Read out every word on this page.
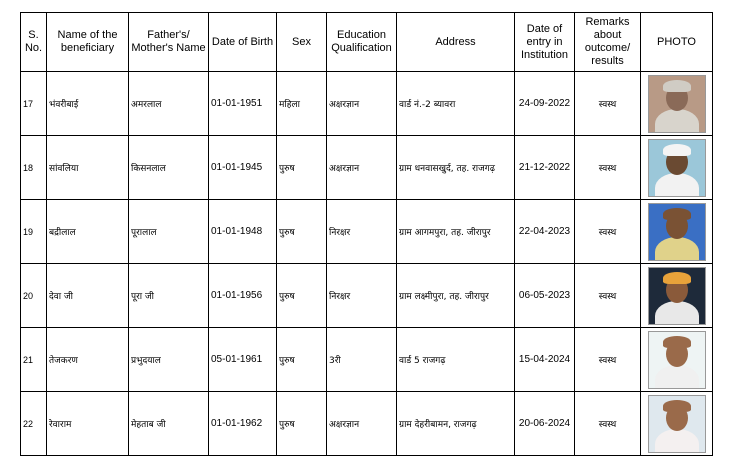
S. No.	Name of the beneficiary	Father's/ Mother's Name	Date of Birth	Sex	Education Qualification	Address	Date of entry in Institution	Remarks about outcome/ results	PHOTO
17	भंवरीबाई	अमरलाल	01-01-1951	महिला	अक्षरज्ञान	वार्ड नं.-2 ब्यावरा	24-09-2022	स्वस्थ	

18	सांवलिया	किसनलाल	01-01-1945	पुरुष	अक्षरज्ञान	ग्राम धनवासखुर्द, तह. राजगढ़	21-12-2022	स्वस्थ	

19	बद्रीलाल	पूरालाल	01-01-1948	पुरुष	निरक्षर	ग्राम आगमपुरा, तह. जीरापुर	22-04-2023	स्वस्थ	

20	देवा जी	पूरा जी	01-01-1956	पुरुष	निरक्षर	ग्राम लक्ष्मीपुरा, तह. जीरापुर	06-05-2023	स्वस्थ	

21	तेजकरण	प्रभुदयाल	05-01-1961	पुरुष	3री	वार्ड 5 राजगढ़	15-04-2024	स्वस्थ	

22	रेवाराम	मेहताब जी	01-01-1962	पुरुष	अक्षरज्ञान	ग्राम देहरीबामन, राजगढ़	20-06-2024	स्वस्थ	
